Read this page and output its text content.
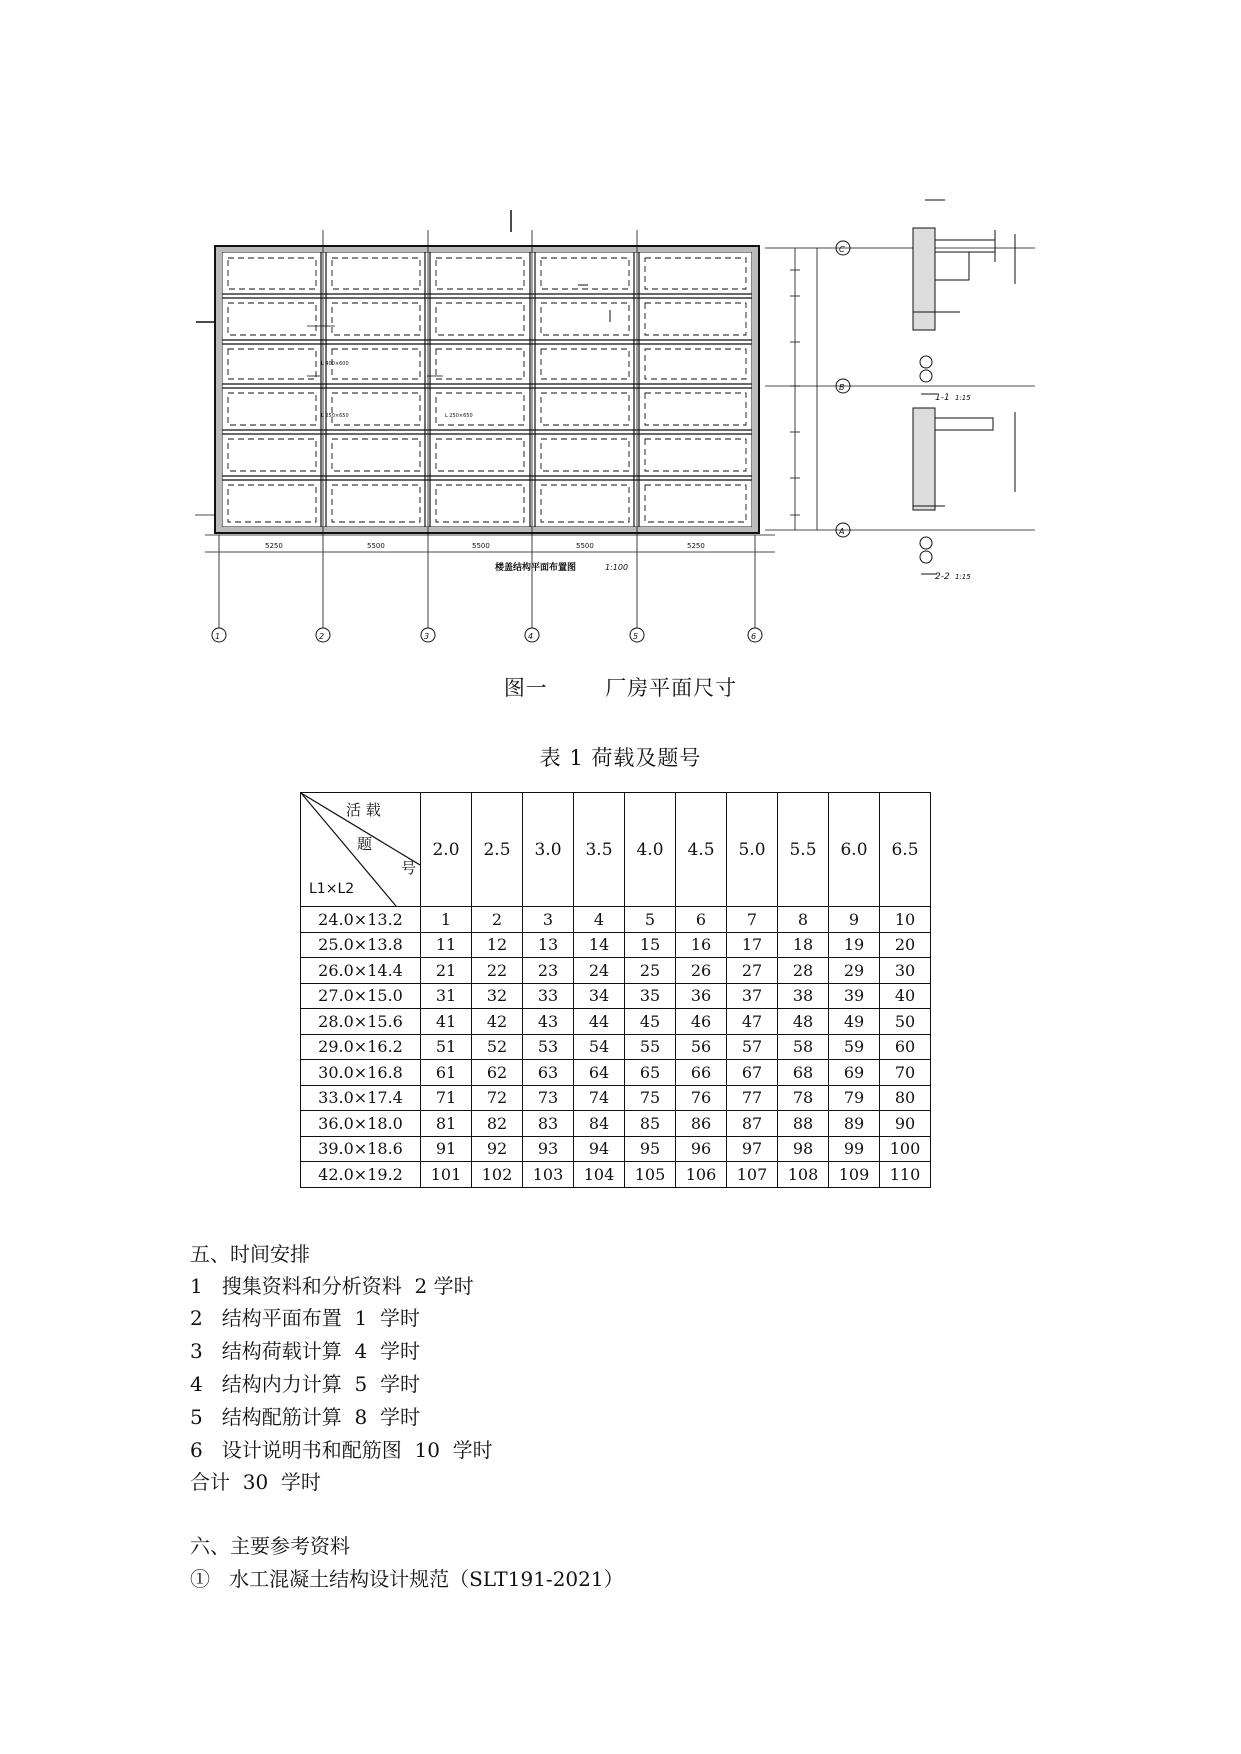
楼盖结构平面布置图	1:100
1-1 1:15
2-2 1:15
1	2	3	4	5	6
C
B
A
5250	5500	5500	5500	5250
L 400×600
L 250×650	L 250×650
图一	厂房平面尺寸
表 1 荷载及题号
活 载
题
号
L1×L2	2.0	2.5	3.0	3.5	4.0	4.5	5.0	5.5	6.0	6.5
24.0×13.2	1	2	3	4	5	6	7	8	9	10
25.0×13.8	11	12	13	14	15	16	17	18	19	20
26.0×14.4	21	22	23	24	25	26	27	28	29	30
27.0×15.0	31	32	33	34	35	36	37	38	39	40
28.0×15.6	41	42	43	44	45	46	47	48	49	50
29.0×16.2	51	52	53	54	55	56	57	58	59	60
30.0×16.8	61	62	63	64	65	66	67	68	69	70
33.0×17.4	71	72	73	74	75	76	77	78	79	80
36.0×18.0	81	82	83	84	85	86	87	88	89	90
39.0×18.6	91	92	93	94	95	96	97	98	99	100
42.0×19.2	101	102	103	104	105	106	107	108	109	110
五、时间安排
1   搜集资料和分析资料  2 学时
2   结构平面布置  1  学时
3   结构荷载计算  4  学时
4   结构内力计算  5  学时
5   结构配筋计算  8  学时
6   设计说明书和配筋图  10  学时
合计  30  学时
六、主要参考资料
①   水工混凝土结构设计规范（SLT191-2021）
